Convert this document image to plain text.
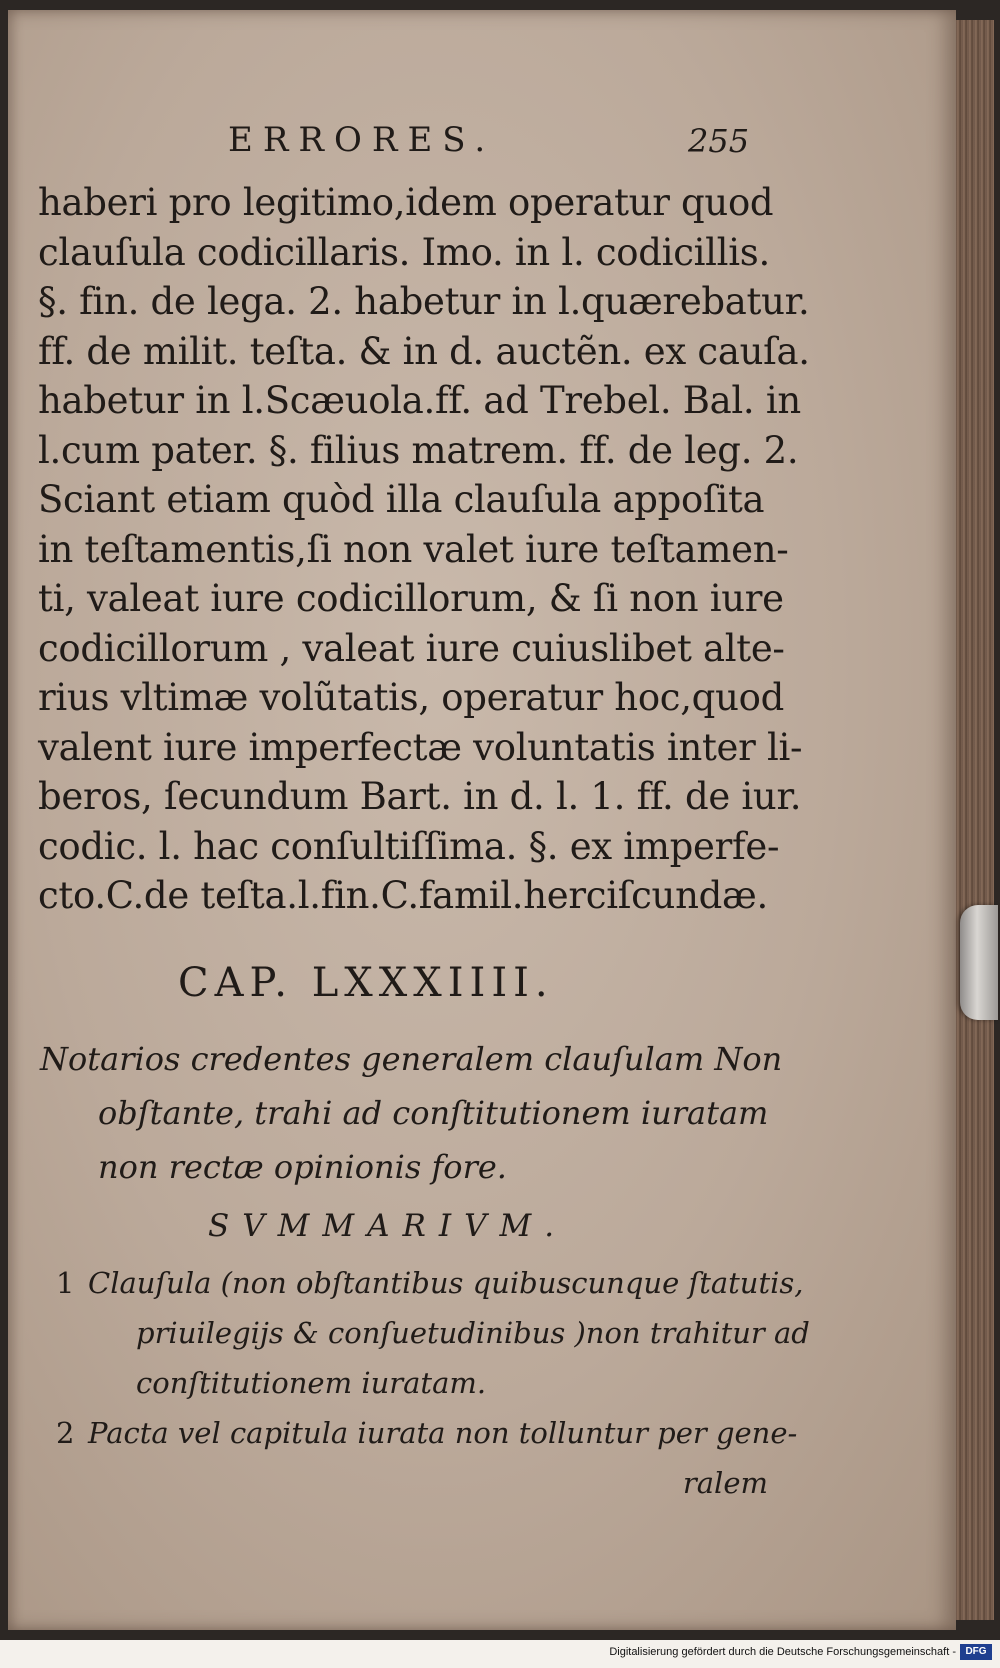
ERRORES.	255
haberi pro legitimo,idem operatur quod
clauſula codicillaris. Imo. in l. codicillis.
§. fin. de lega. 2. habetur in l.quærebatur.
ff. de milit. teſta. & in d. auctẽn. ex cauſa.
habetur in l.Scæuola.ff. ad Trebel. Bal. in
l.cum pater. §. filius matrem. ff. de leg. 2.
Sciant etiam quòd illa clauſula appoſita
in teſtamentis,ſi non valet iure teſtamen-
ti, valeat iure codicillorum, & ſi non iure
codicillorum , valeat iure cuiuslibet alte-
rius vltimæ volũtatis, operatur hoc,quod
valent iure imperfectæ voluntatis inter li-
beros, ſecundum Bart. in d. l. 1. ff. de iur.
codic. l. hac conſultiſſima. §. ex imperfe-
cto.C.de teſta.l.fin.C.famil.herciſcundæ.
CAP. LXXXIIII.
Notarios credentes generalem clauſulam Non
obſtante, trahi ad conſtitutionem iuratam
non rectæ opinionis fore.
SVMMARIVM.
1 Clauſula (non obſtantibus quibuscunque ſtatutis,
priuilegijs & conſuetudinibus )non trahitur ad
conſtitutionem iuratam.
2 Pacta vel capitula iurata non tolluntur per gene-
ralem
Digitalisierung gefördert durch die Deutsche Forschungsgemeinschaft - DFG
